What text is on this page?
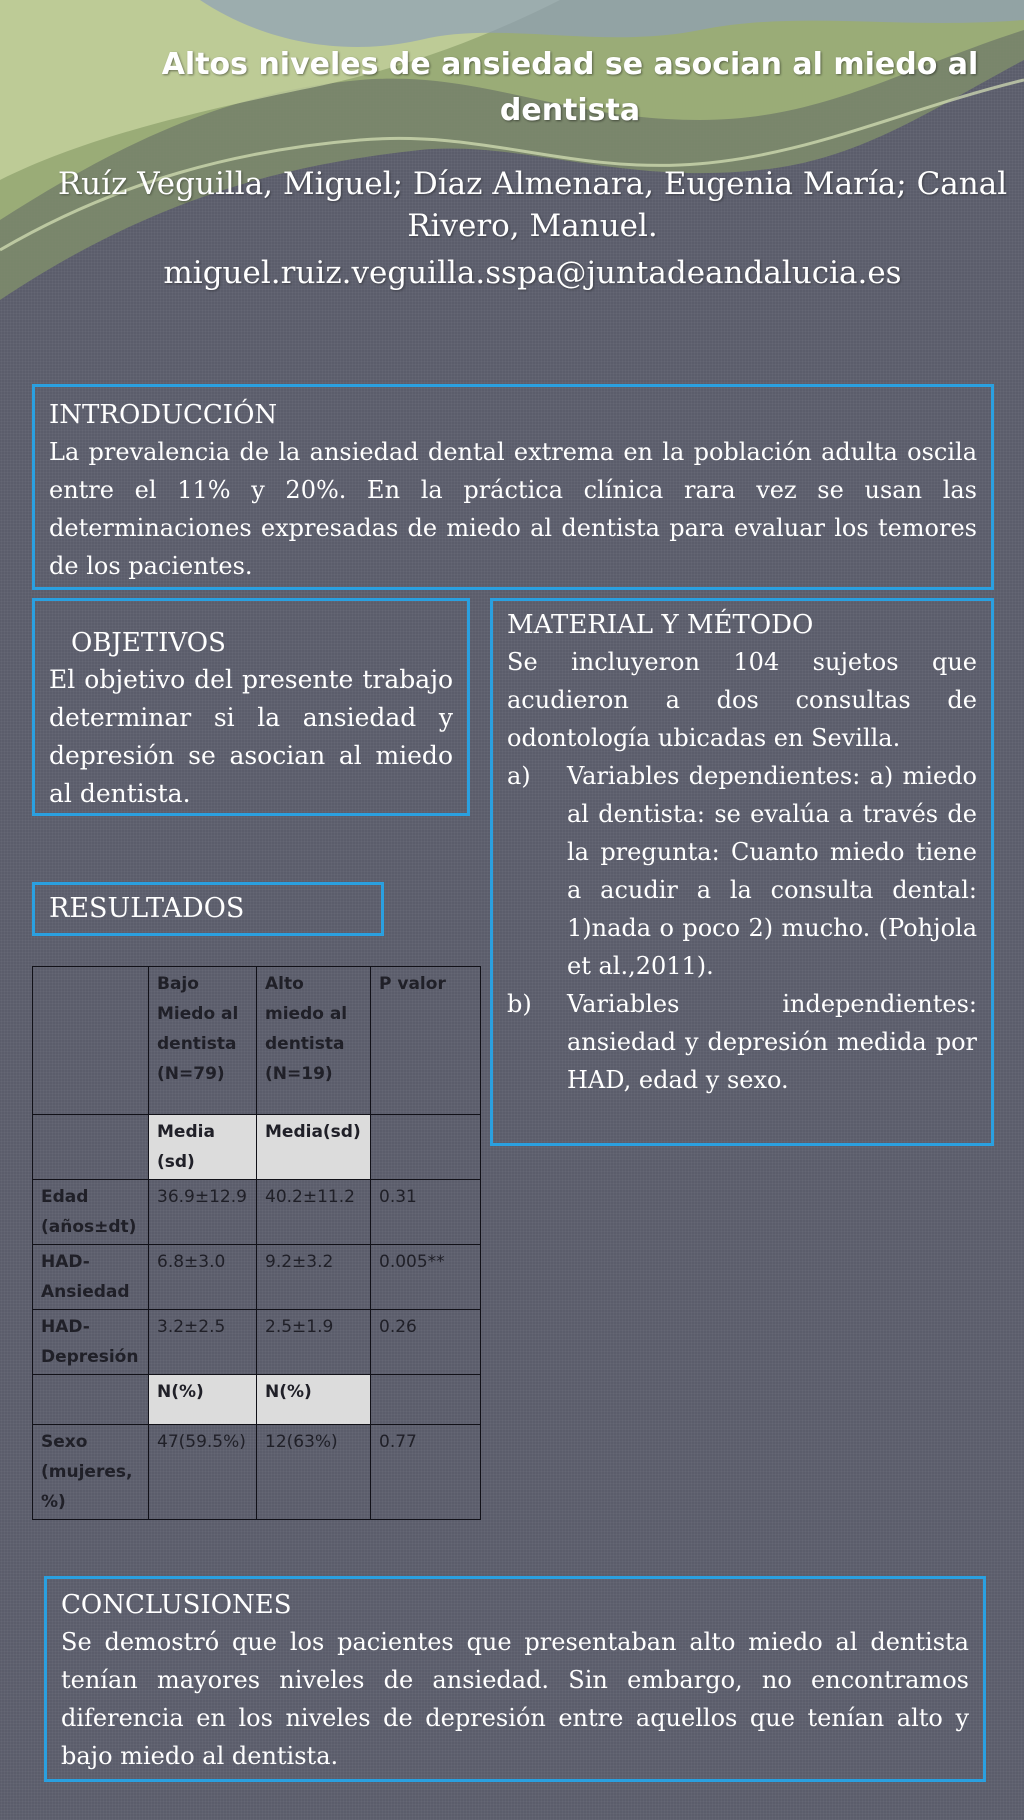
Altos niveles de ansiedad se asocian al miedo al dentista
Ruíz Veguilla, Miguel; Díaz Almenara, Eugenia María; Canal Rivero, Manuel.
miguel.ruiz.veguilla.sspa@juntadeandalucia.es
INTRODUCCIÓN

La prevalencia de la ansiedad dental extrema en la población adulta oscila entre el 11% y 20%. En la práctica clínica rara vez se usan las determinaciones expresadas de miedo al dentista para evaluar los temores de los pacientes.

OBJETIVOS

El objetivo del presente trabajo determinar si la ansiedad y depresión se asocian al miedo al dentista.

MATERIAL Y MÉTODO

Se incluyeron 104 sujetos que acudieron a dos consultas de odontología ubicadas en Sevilla.

a)	Variables dependientes: a) miedo al dentista: se evalúa a través de la pregunta: Cuanto miedo tiene a acudir a la consulta dental: 1)nada o poco 2) mucho. (Pohjola et al.,2011).
b)	Variables independientes: ansiedad y depresión medida por HAD, edad y sexo.
RESULTADOS
	Bajo Miedo al dentista (N=79)	Alto miedo al dentista (N=19)	P valor
	Media (sd)	Media(sd)	
Edad (años±dt)	36.9±12.9	40.2±11.2	0.31
HAD-Ansiedad	6.8±3.0	9.2±3.2	0.005**
HAD-Depresión	3.2±2.5	2.5±1.9	0.26
	N(%)	N(%)	
Sexo (mujeres, %)	47(59.5%)	12(63%)	0.77
CONCLUSIONES

Se demostró que los pacientes que presentaban alto miedo al dentista tenían mayores niveles de ansiedad. Sin embargo, no encontramos diferencia en los niveles de depresión entre aquellos que tenían alto y bajo miedo al dentista.
